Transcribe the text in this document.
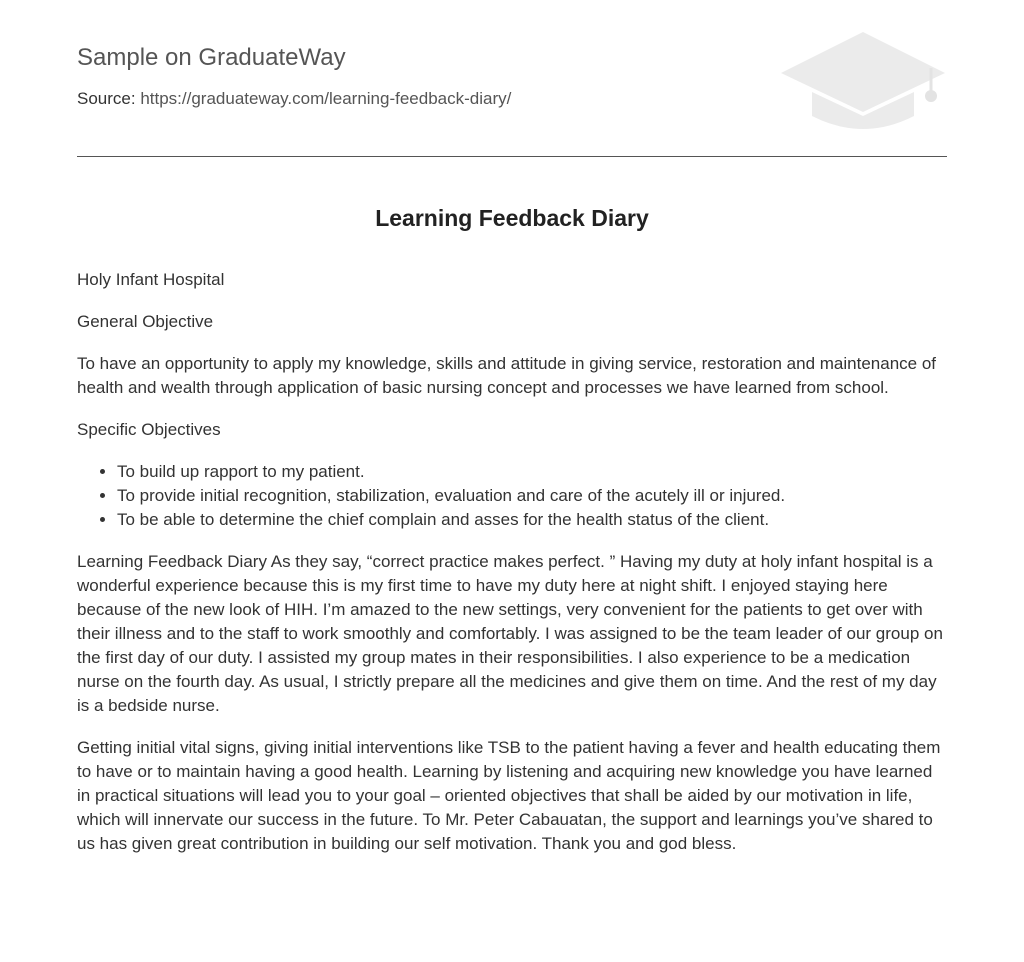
Sample on GraduateWay
Source: https://graduateway.com/learning-feedback-diary/
Learning Feedback Diary

Holy Infant Hospital

General Objective

To have an opportunity to apply my knowledge, skills and attitude in giving service, restoration and maintenance of health and wealth through application of basic nursing concept and processes we have learned from school.

Specific Objectives

• To build up rapport to my patient.
• To provide initial recognition, stabilization, evaluation and care of the acutely ill or injured.
• To be able to determine the chief complain and asses for the health status of the client.

Learning Feedback Diary As they say, “correct practice makes perfect. ” Having my duty at holy infant hospital is a wonderful experience because this is my first time to have my duty here at night shift. I enjoyed staying here because of the new look of HIH. I’m amazed to the new settings, very convenient for the patients to get over with their illness and to the staff to work smoothly and comfortably. I was assigned to be the team leader of our group on the first day of our duty. I assisted my group mates in their responsibilities. I also experience to be a medication nurse on the fourth day. As usual, I strictly prepare all the medicines and give them on time. And the rest of my day is a bedside nurse.

Getting initial vital signs, giving initial interventions like TSB to the patient having a fever and health educating them to have or to maintain having a good health. Learning by listening and acquiring new knowledge you have learned in practical situations will lead you to your goal – oriented objectives that shall be aided by our motivation in life, which will innervate our success in the future. To Mr. Peter Cabauatan, the support and learnings you’ve shared to us has given great contribution in building our self motivation. Thank you and god bless.
